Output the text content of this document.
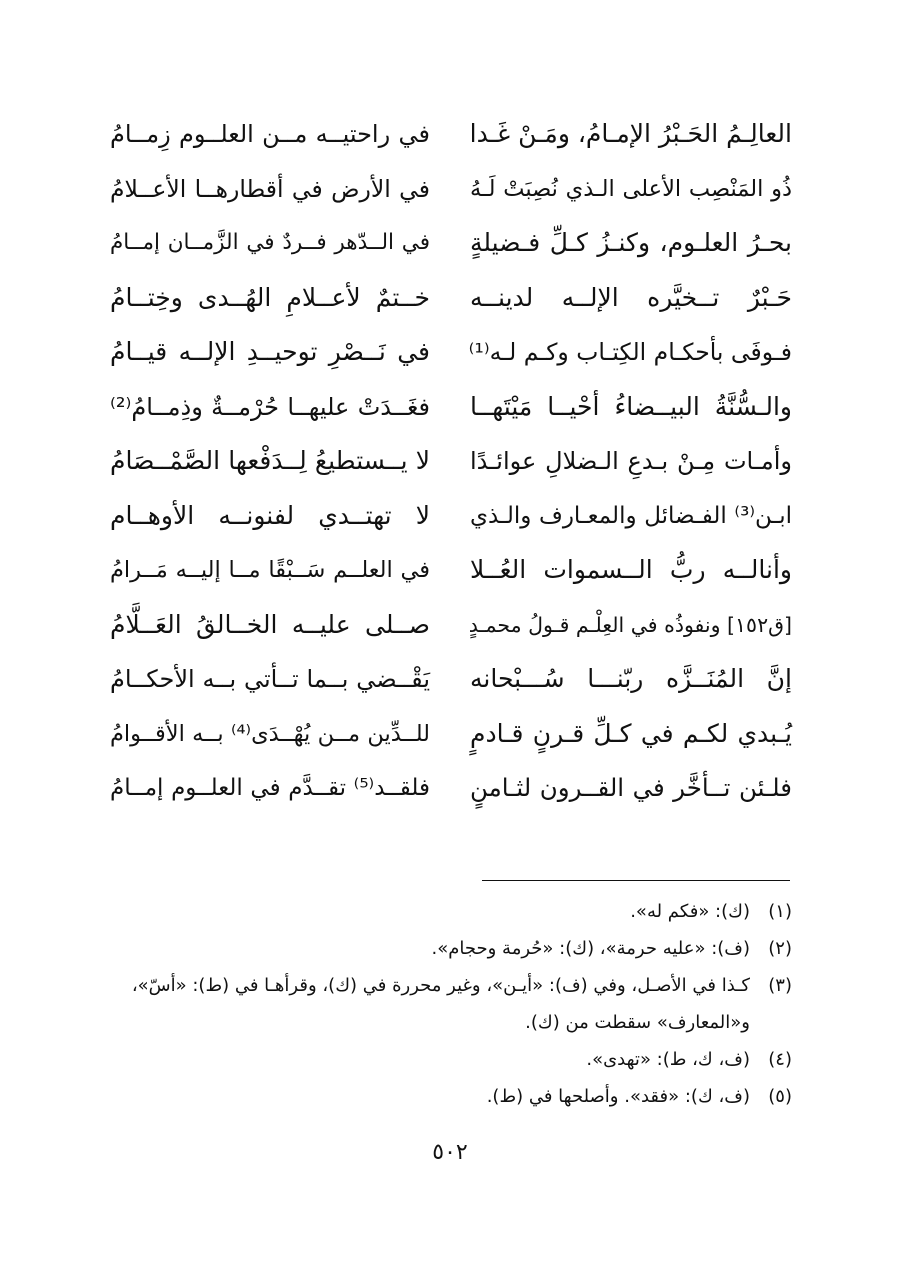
العالِـمُ الحَـبْرُ الإمـامُ، ومَـنْ غَـدا
في راحتيــه مــن العلــوم زِمــامُ
ذُو المَنْصِب الأعلى الـذي نُصِبَتْ لَـهُ
في الأرض في أقطارهــا الأعــلامُ
بحـرُ العلـوم، وكنـزُ كـلِّ فـضيلةٍ
في الــدّهر فــردٌ في الزَّمــان إمــامُ
حَـبْرٌ تــخيَّره الإلــه لدينــه
خــتمٌ لأعــلامِ الهُــدى وخِتــامُ
فـوفَى بأحكـام الكِتـاب وكـم لـه⁽¹⁾
في نَــصْرِ توحيــدِ الإلــه قيــامُ
والـسُّنَّةُ البيــضاءُ أحْيــا مَيْتَهــا
فغَــدَتْ عليهــا حُرْمــةٌ وذِمــامُ⁽²⁾
وأمـات مِـنْ بـدعِ الـضلالِ عوائـدًا
لا يــستطيعُ لِــدَفْعها الصَّمْــصَامُ
ابـن⁽³⁾ الفـضائل والمعـارف والـذي
لا تهتــدي لفنونــه الأوهــام
وأنالــه ربُّ الــسموات العُــلا
في العلــم سَــبْقًا مــا إليــه مَــرامُ
[ق١٥٢] ونفوذُه في العِلْـم قـولُ محمـدٍ
صــلى عليــه الخــالقُ العَــلَّامُ
إنَّ المُنَــزَّه ربّنـــا سُـــبْحانه
يَقْــضي بــما تــأتي بــه الأحكــامُ
يُـبدي لكـم في كـلِّ قـرنٍ قـادمٍ
للــدِّين مــن يُهْــدَى⁽⁴⁾ بــه الأقــوامُ
فلـئن تــأخَّر في القــرون لثـامنٍ
فلقــد⁽⁵⁾ تقــدَّم في العلــوم إمــامُ
(١)
(ك): «فكم له».
(٢)
(ف): «عليه حرمة»، (ك): «حُرمة وحجام».
(٣)
كـذا في الأصـل، وفي (ف): «أيـن»، وغير محررة في (ك)، وقرأهـا في (ط): «أسّ»،
و«المعارف» سقطت من (ك).
(٤)
(ف، ك، ط): «تهدى».
(٥)
(ف، ك): «فقد». وأصلحها في (ط).
٥٠٢
